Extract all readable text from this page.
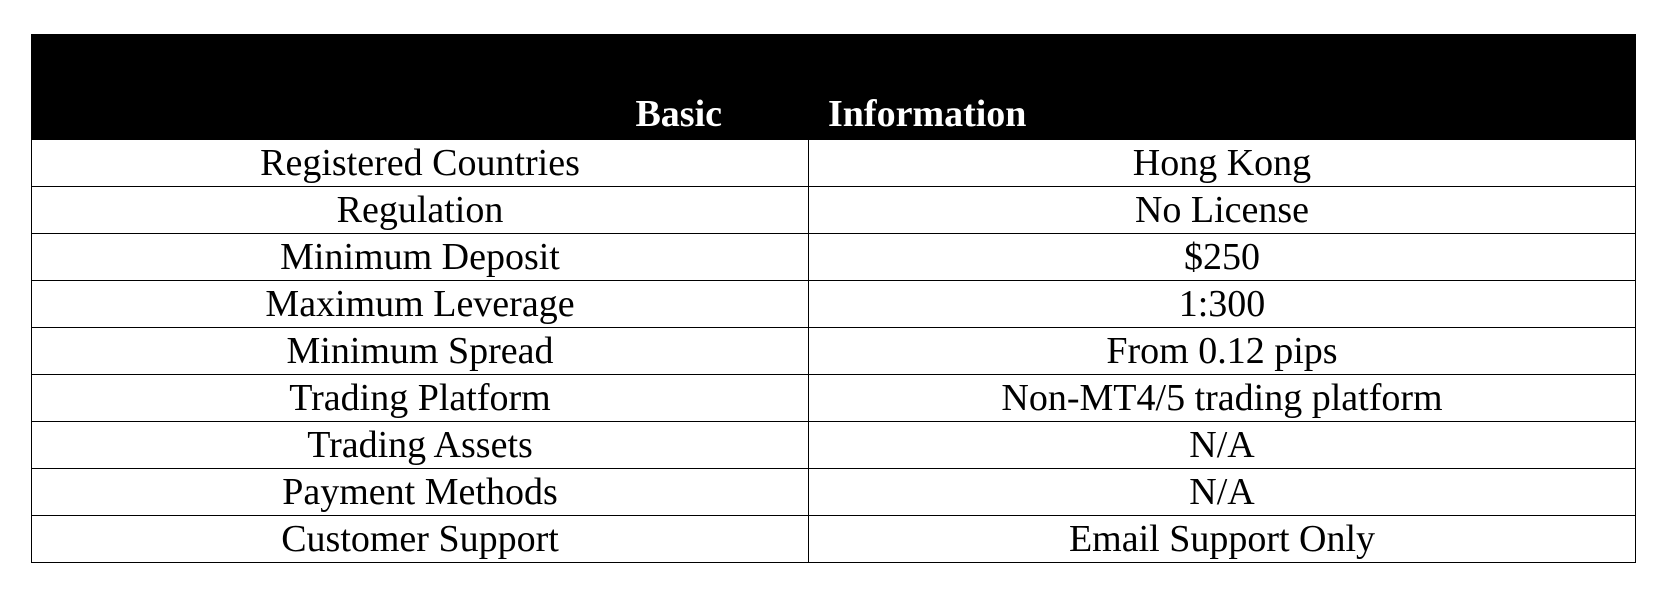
Basic	Information
Registered Countries	Hong Kong
Regulation	No License
Minimum Deposit	$250
Maximum Leverage	1:300
Minimum Spread	From 0.12 pips
Trading Platform	Non-MT4/5 trading platform
Trading Assets	N/A
Payment Methods	N/A
Customer Support	Email Support Only
